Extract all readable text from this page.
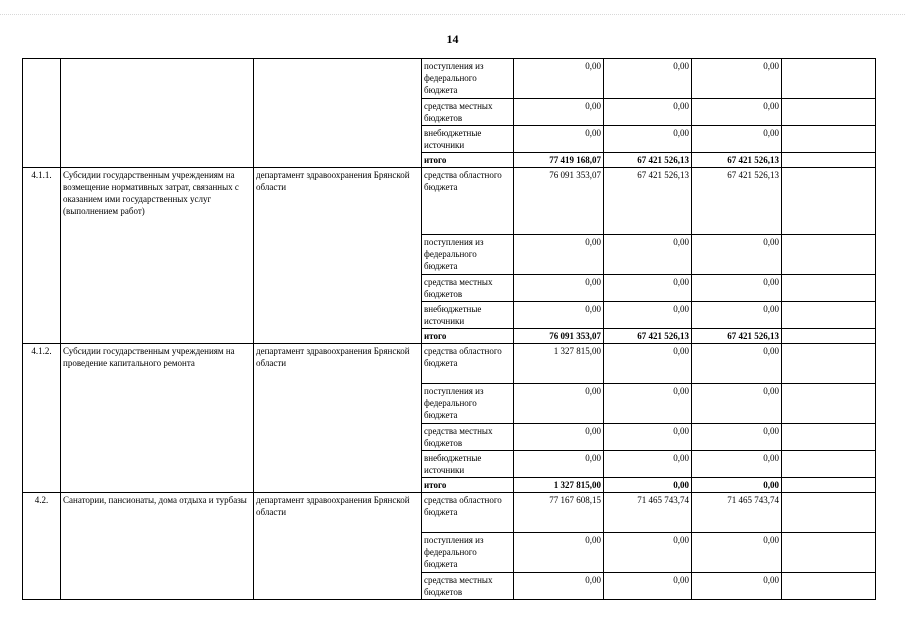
14
			поступления из федерального бюджета	0,00	0,00	0,00	
			средства местных бюджетов	0,00	0,00	0,00	
			внебюджетные источники	0,00	0,00	0,00	
			итого	77 419 168,07	67 421 526,13	67 421 526,13	
4.1.1.	Субсидии государственным учреждениям на возмещение нормативных затрат, связанных с оказанием ими государственных услуг (выполнением работ)	департамент здравоохранения Брянской области	средства областного бюджета	76 091 353,07	67 421 526,13	67 421 526,13	
			поступления из федерального бюджета	0,00	0,00	0,00	
			средства местных бюджетов	0,00	0,00	0,00	
			внебюджетные источники	0,00	0,00	0,00	
			итого	76 091 353,07	67 421 526,13	67 421 526,13	
4.1.2.	Субсидии государственным учреждениям на проведение капитального ремонта	департамент здравоохранения Брянской области	средства областного бюджета	1 327 815,00	0,00	0,00	
			поступления из федерального бюджета	0,00	0,00	0,00	
			средства местных бюджетов	0,00	0,00	0,00	
			внебюджетные источники	0,00	0,00	0,00	
			итого	1 327 815,00	0,00	0,00	
4.2.	Санатории, пансионаты, дома отдыха и турбазы	департамент здравоохранения Брянской области	средства областного бюджета	77 167 608,15	71 465 743,74	71 465 743,74	
			поступления из федерального бюджета	0,00	0,00	0,00	
			средства местных бюджетов	0,00	0,00	0,00	
